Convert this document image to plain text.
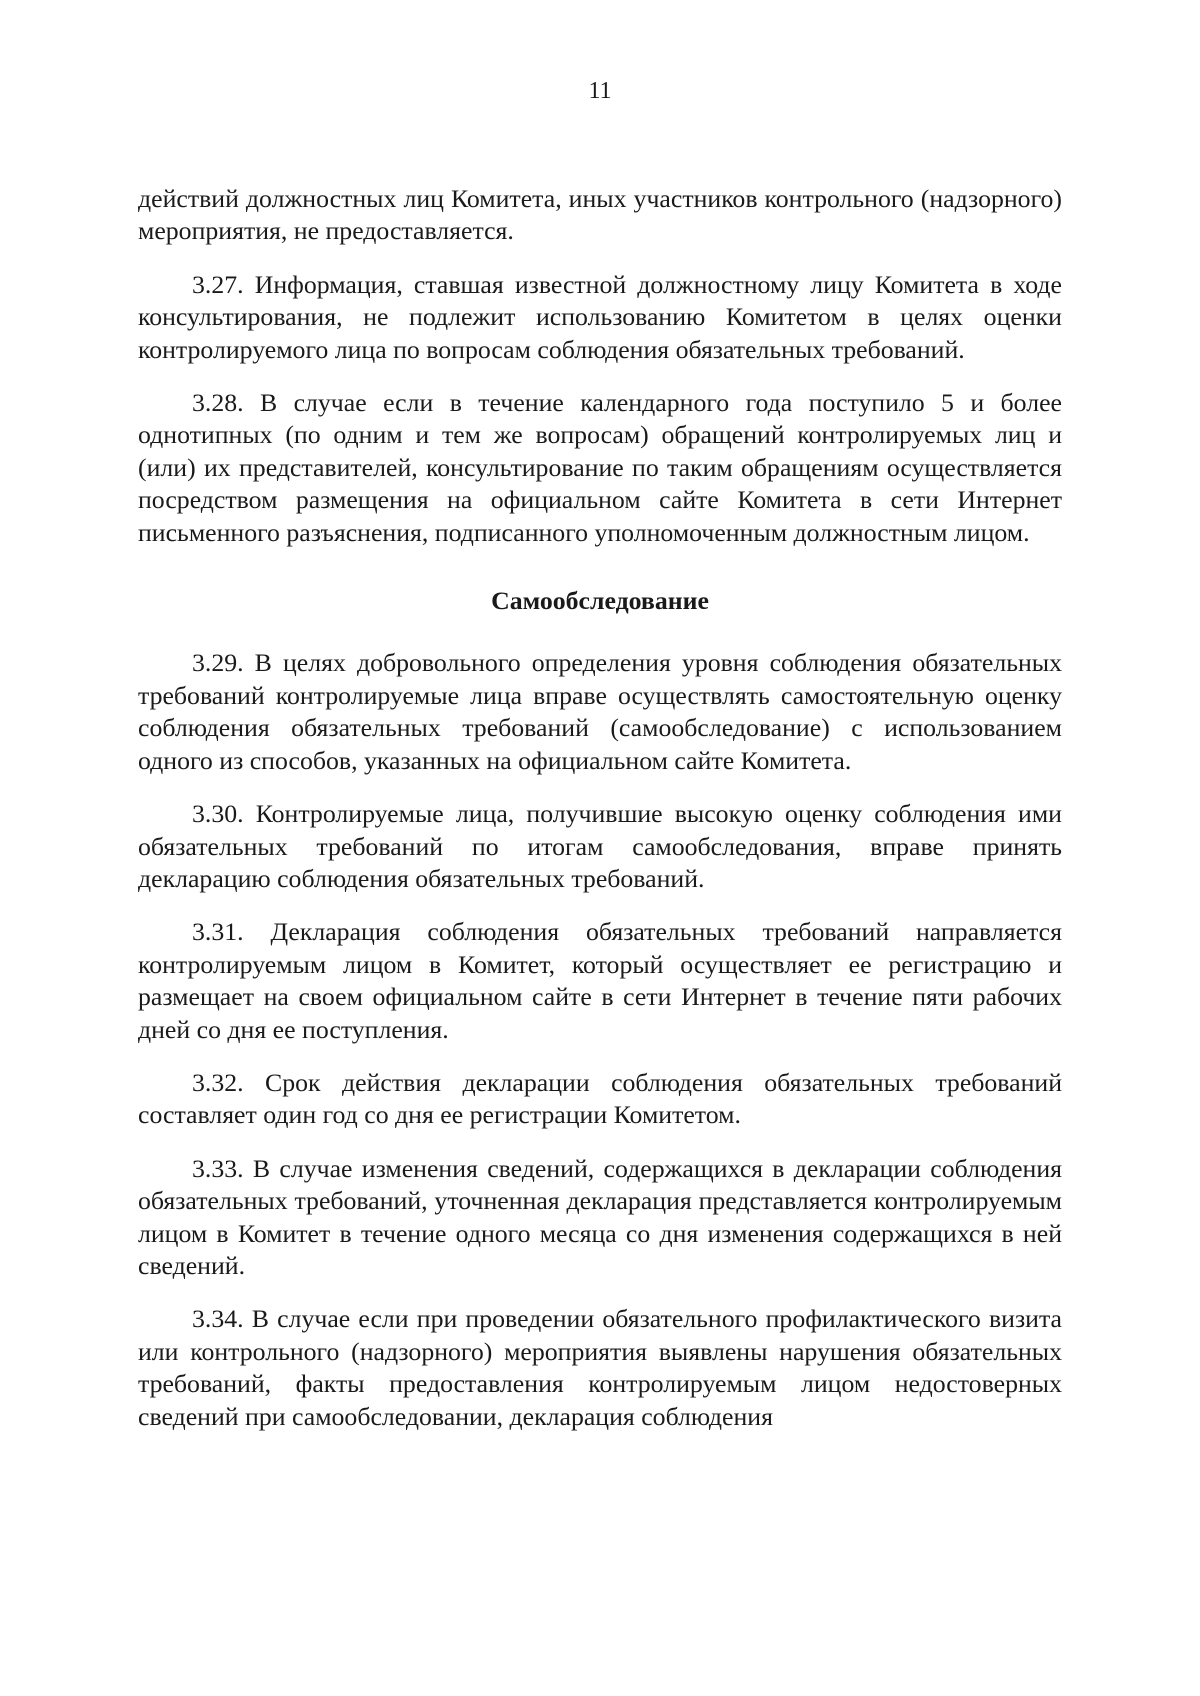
11

действий должностных лиц Комитета, иных участников контрольного (надзорного) мероприятия, не предоставляется.

3.27. Информация, ставшая известной должностному лицу Комитета в ходе консультирования, не подлежит использованию Комитетом в целях оценки контролируемого лица по вопросам соблюдения обязательных требований.

3.28. В случае если в течение календарного года поступило 5 и более однотипных (по одним и тем же вопросам) обращений контролируемых лиц и (или) их представителей, консультирование по таким обращениям осуществляется посредством размещения на официальном сайте Комитета в сети Интернет письменного разъяснения, подписанного уполномоченным должностным лицом.

Самообследование

3.29. В целях добровольного определения уровня соблюдения обязательных требований контролируемые лица вправе осуществлять самостоятельную оценку соблюдения обязательных требований (самообследование) с использованием одного из способов, указанных на официальном сайте Комитета.

3.30. Контролируемые лица, получившие высокую оценку соблюдения ими обязательных требований по итогам самообследования, вправе принять декларацию соблюдения обязательных требований.

3.31. Декларация соблюдения обязательных требований направляется контролируемым лицом в Комитет, который осуществляет ее регистрацию и размещает на своем официальном сайте в сети Интернет в течение пяти рабочих дней со дня ее поступления.

3.32. Срок действия декларации соблюдения обязательных требований составляет один год со дня ее регистрации Комитетом.

3.33. В случае изменения сведений, содержащихся в декларации соблюдения обязательных требований, уточненная декларация представляется контролируемым лицом в Комитет в течение одного месяца со дня изменения содержащихся в ней сведений.

3.34. В случае если при проведении обязательного профилактического визита или контрольного (надзорного) мероприятия выявлены нарушения обязательных требований, факты предоставления контролируемым лицом недостоверных сведений при самообследовании, декларация соблюдения
